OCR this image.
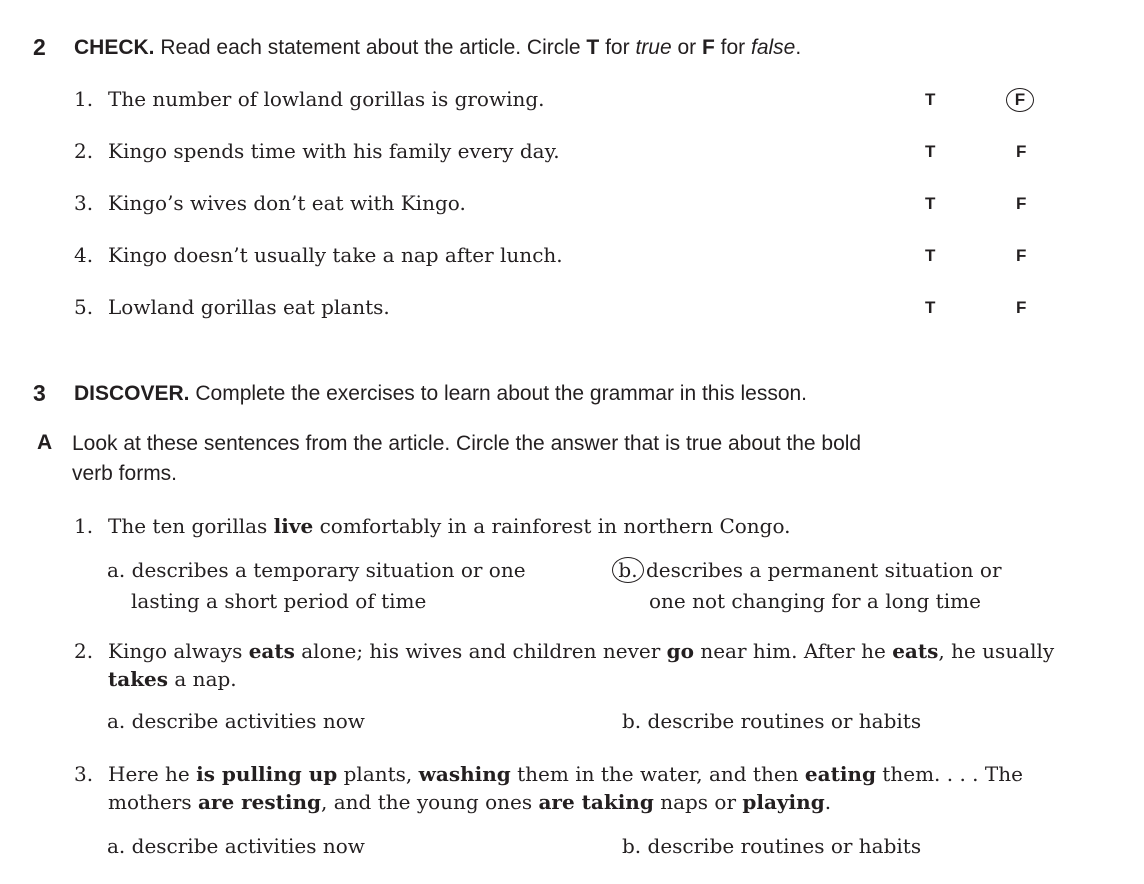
2 CHECK. Read each statement about the article. Circle T for true or F for false.
1. The number of lowland gorillas is growing.	T	F
2. Kingo spends time with his family every day.	T	F
3. Kingo’s wives don’t eat with Kingo.	T	F
4. Kingo doesn’t usually take a nap after lunch.	T	F
5. Lowland gorillas eat plants.	T	F
3 DISCOVER. Complete the exercises to learn about the grammar in this lesson.
A Look at these sentences from the article. Circle the answer that is true about the bold
verb forms.
1. The ten gorillas live comfortably in a rainforest in northern Congo.
a. describes a temporary situation or one
lasting a short period of time
b. describes a permanent situation or
one not changing for a long time
2. Kingo always eats alone; his wives and children never go near him. After he eats, he usually
takes a nap.
a. describe activities now	b. describe routines or habits
3. Here he is pulling up plants, washing them in the water, and then eating them. . . . The
mothers are resting, and the young ones are taking naps or playing.
a. describe activities now	b. describe routines or habits
